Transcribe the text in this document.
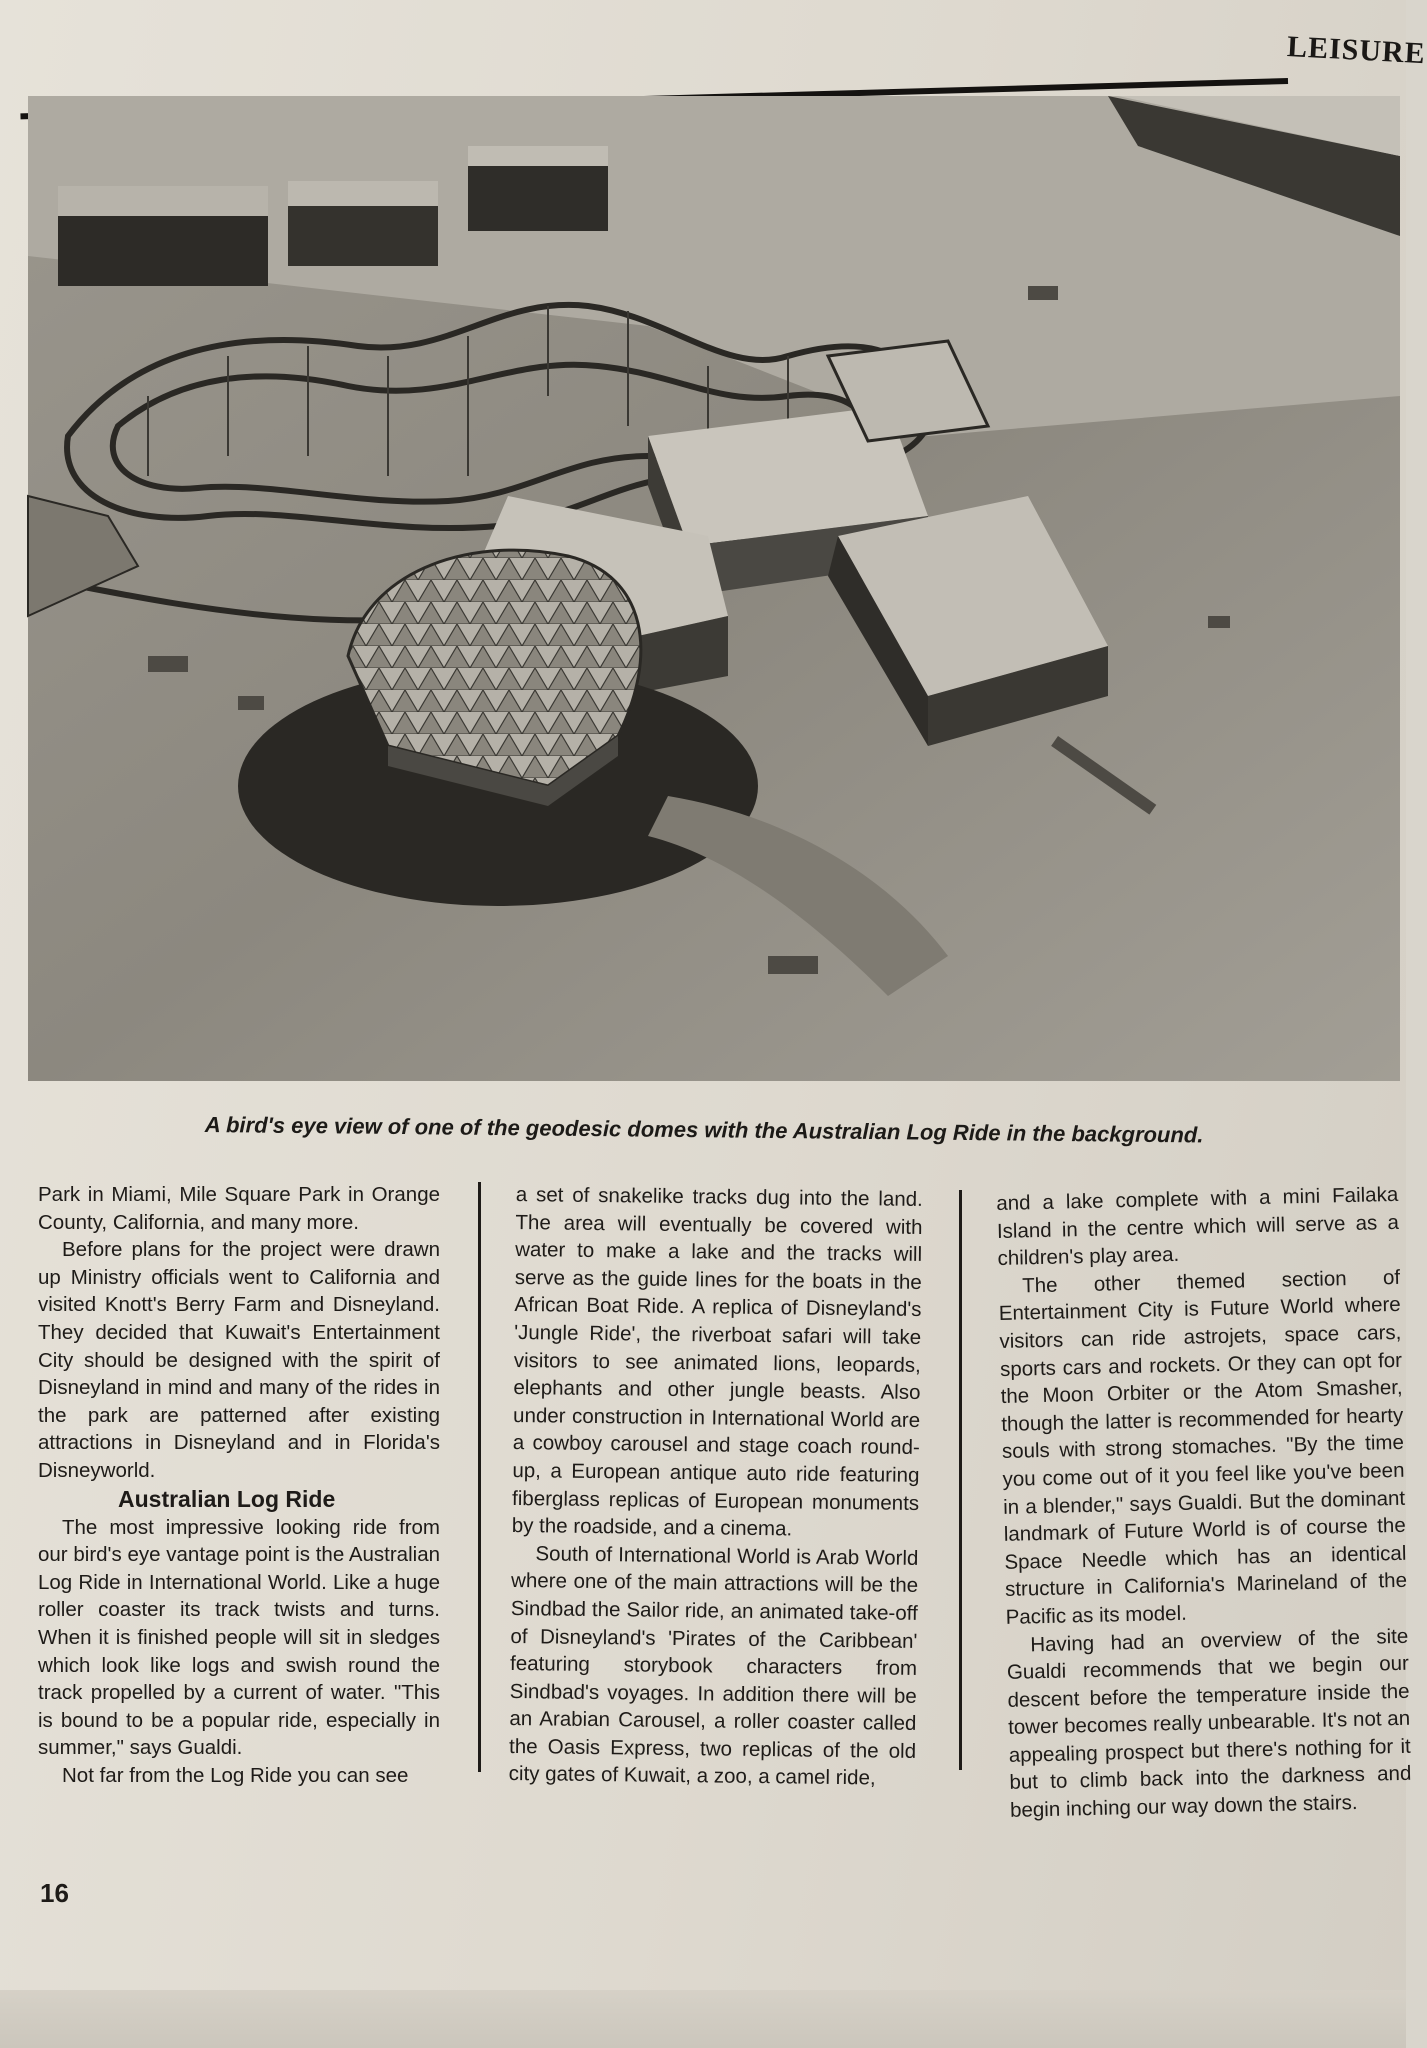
LEISURE
A bird's eye view of one of the geodesic domes with the Australian Log Ride in the background.

Park in Miami, Mile Square Park in Orange County, California, and many more.

Before plans for the project were drawn up Ministry officials went to California and visited Knott's Berry Farm and Disneyland. They decided that Kuwait's Entertainment City should be designed with the spirit of Disneyland in mind and many of the rides in the park are patterned after existing attractions in Disneyland and in Florida's Disneyworld.

Australian Log Ride

The most impressive looking ride from our bird's eye vantage point is the Australian Log Ride in International World. Like a huge roller coaster its track twists and turns. When it is finished people will sit in sledges which look like logs and swish round the track propelled by a current of water. "This is bound to be a popular ride, especially in summer," says Gualdi.

Not far from the Log Ride you can see

a set of snakelike tracks dug into the land. The area will eventually be covered with water to make a lake and the tracks will serve as the guide lines for the boats in the African Boat Ride. A replica of Disneyland's 'Jungle Ride', the riverboat safari will take visitors to see animated lions, leopards, elephants and other jungle beasts. Also under construction in International World are a cowboy carousel and stage coach round-up, a European antique auto ride featuring fiberglass replicas of European monuments by the roadside, and a cinema.

South of International World is Arab World where one of the main attractions will be the Sindbad the Sailor ride, an animated take-off of Disneyland's 'Pirates of the Caribbean' featuring storybook characters from Sindbad's voyages. In addition there will be an Arabian Carousel, a roller coaster called the Oasis Express, two replicas of the old city gates of Kuwait, a zoo, a camel ride,

and a lake complete with a mini Failaka Island in the centre which will serve as a children's play area.

The other themed section of Entertainment City is Future World where visitors can ride astrojets, space cars, sports cars and rockets. Or they can opt for the Moon Orbiter or the Atom Smasher, though the latter is recommended for hearty souls with strong stomaches. "By the time you come out of it you feel like you've been in a blender," says Gualdi. But the dominant landmark of Future World is of course the Space Needle which has an identical structure in California's Marineland of the Pacific as its model.

Having had an overview of the site Gualdi recommends that we begin our descent before the temperature inside the tower becomes really unbearable. It's not an appealing prospect but there's nothing for it but to climb back into the darkness and begin inching our way down the stairs.

16
